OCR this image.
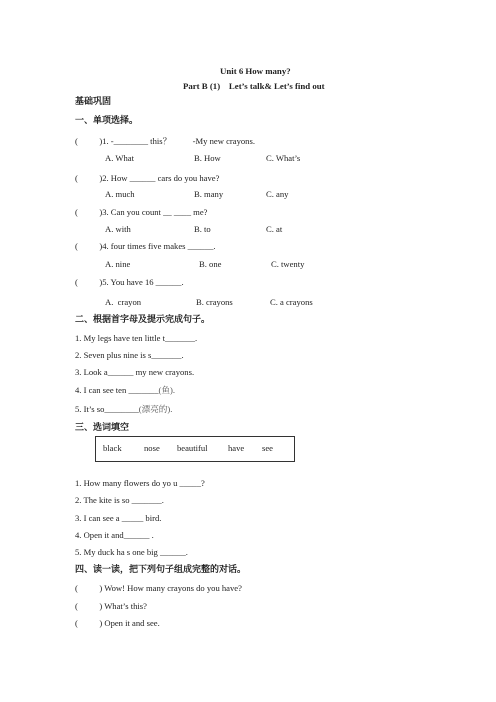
Unit 6 How many?
Part B (1)    Let’s talk& Let’s find out
基础巩固
一、单项选择。
(          )1. -________ this？          -My new crayons.
A. What	B. How	C. What’s
(          )2. How ______ cars do you have?
A. much	B. many	C. any
(          )3. Can you count __ ____ me?
A. with	B. to	C. at
(          )4. four times five makes ______.
A. nine	B. one	C. twenty
(          )5. You have 16 ______.
A.  crayon	B. crayons	C. a crayons
二、根据首字母及提示完成句子。
1. My legs have ten little t_______.
2. Seven plus nine is s_______.
3. Look a______ my new crayons.
4. I can see ten _______(鱼).
5. It’s so________(漂亮的).
三、选词填空
black	nose beautiful have see
1. How many flowers do yo u _____?
2. The kite is so _______.
3. I can see a _____ bird.
4. Open it and______ .
5. My duck ha s one big ______.
四、读一读，把下列句子组成完整的对话。
(          ) Wow! How many crayons do you have?
(          ) What’s this?
(          ) Open it and see.
